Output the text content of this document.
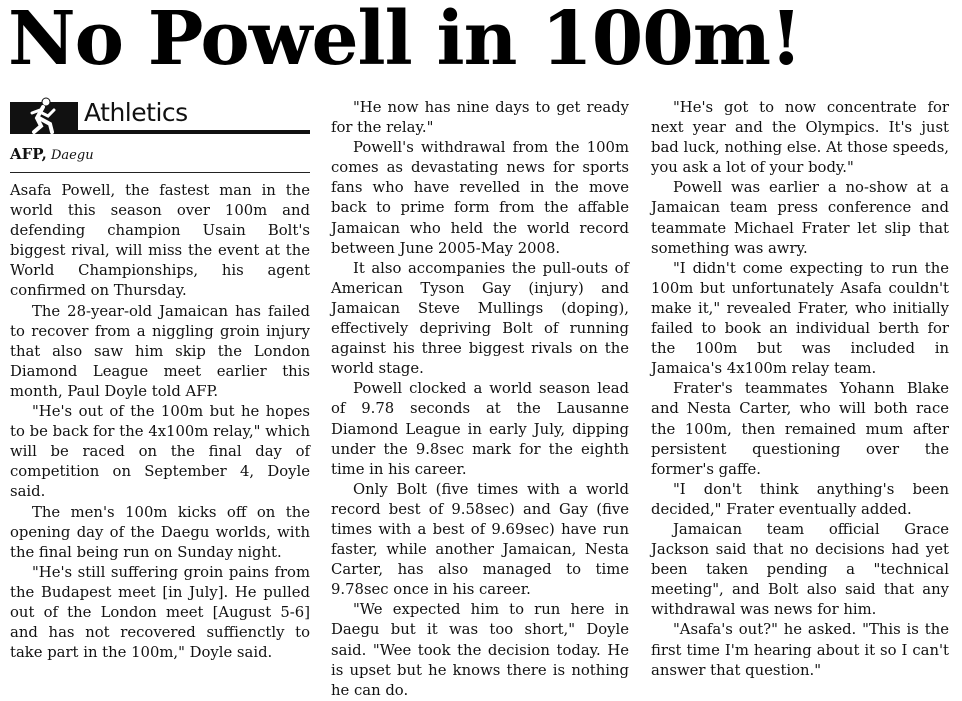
No Powell in 100m!
Athletics
AFP, Daegu

Asafa Powell, the fastest man in the world this season over 100m and defending champion Usain Bolt's biggest rival, will miss the event at the World Championships, his agent confirmed on Thursday.

The 28-year-old Jamaican has failed to recover from a niggling groin injury that also saw him skip the London Diamond League meet earlier this month, Paul Doyle told AFP.

"He's out of the 100m but he hopes to be back for the 4x100m relay," which will be raced on the final day of competition on September 4, Doyle said.

The men's 100m kicks off on the opening day of the Daegu worlds, with the final being run on Sunday night.

"He's still suffering groin pains from the Budapest meet [in July]. He pulled out of the London meet [August 5-6] and has not recovered suffienctly to take part in the 100m," Doyle said.

"He now has nine days to get ready for the relay."

Powell's withdrawal from the 100m comes as devastating news for sports fans who have revelled in the move back to prime form from the affable Jamaican who held the world record between June 2005-May 2008.

It also accompanies the pull-outs of American Tyson Gay (injury) and Jamaican Steve Mullings (doping), effectively depriving Bolt of running against his three biggest rivals on the world stage.

Powell clocked a world season lead of 9.78 seconds at the Lausanne Diamond League in early July, dipping under the 9.8sec mark for the eighth time in his career.

Only Bolt (five times with a world record best of 9.58sec) and Gay (five times with a best of 9.69sec) have run faster, while another Jamaican, Nesta Carter, has also managed to time 9.78sec once in his career.

"We expected him to run here in Daegu but it was too short," Doyle said. "Wee took the decision today. He is upset but he knows there is nothing he can do.

"He's got to now concentrate for next year and the Olympics. It's just bad luck, nothing else. At those speeds, you ask a lot of your body."

Powell was earlier a no-show at a Jamaican team press conference and teammate Michael Frater let slip that something was awry.

"I didn't come expecting to run the 100m but unfortunately Asafa couldn't make it," revealed Frater, who initially failed to book an individual berth for the 100m but was included in Jamaica's 4x100m relay team.

Frater's teammates Yohann Blake and Nesta Carter, who will both race the 100m, then remained mum after persistent questioning over the former's gaffe.

"I don't think anything's been decided," Frater eventually added.

Jamaican team official Grace Jackson said that no decisions had yet been taken pending a "technical meeting", and Bolt also said that any withdrawal was news for him.

"Asafa's out?" he asked. "This is the first time I'm hearing about it so I can't answer that question."
